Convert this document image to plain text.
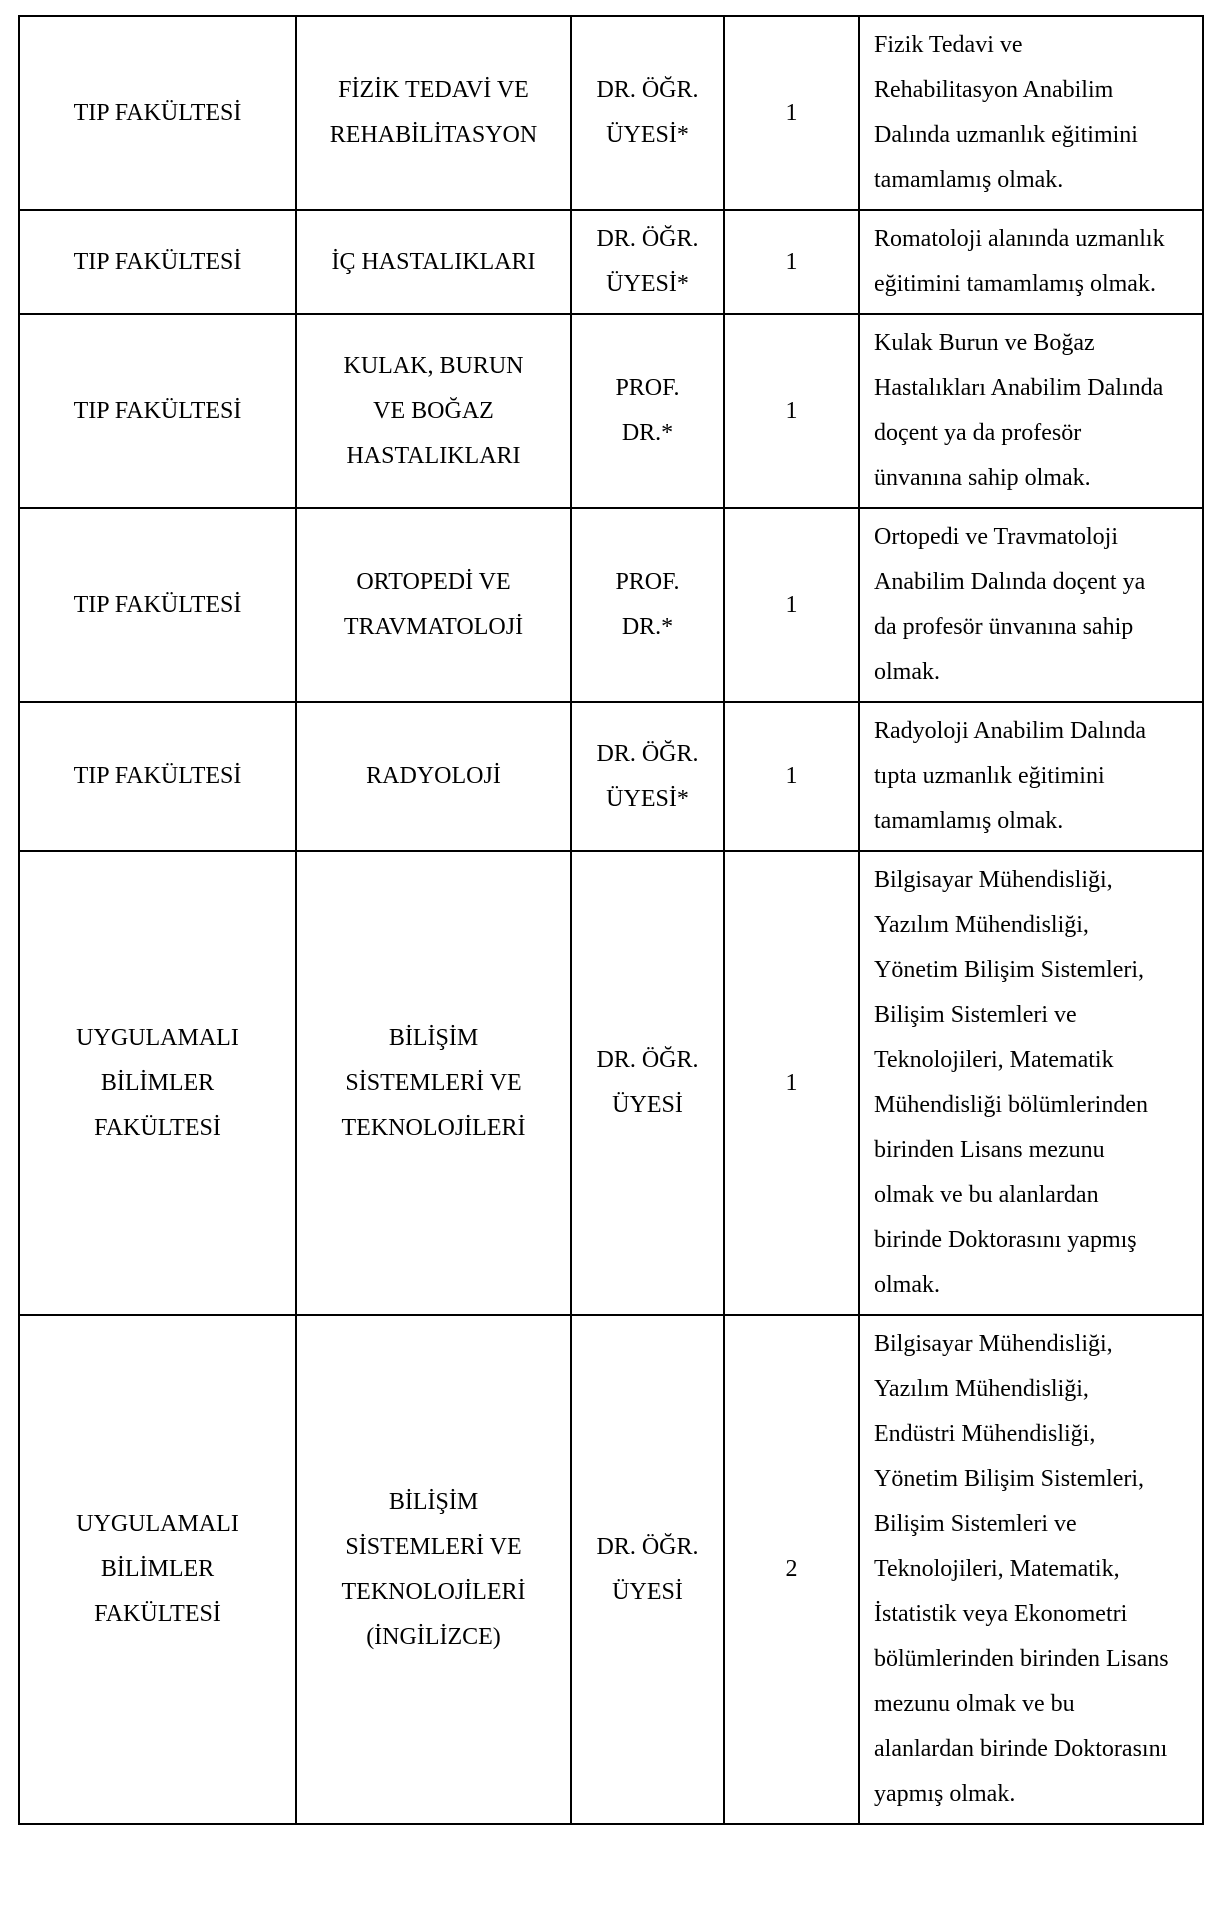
TIP FAKÜLTESİ	FİZİK TEDAVİ VE REHABİLİTASYON	DR. ÖĞR. ÜYESİ*	1	Fizik Tedavi ve Rehabilitasyon Anabilim Dalında uzmanlık eğitimini tamamlamış olmak.
TIP FAKÜLTESİ	İÇ HASTALIKLARI	DR. ÖĞR. ÜYESİ*	1	Romatoloji alanında uzmanlık eğitimini tamamlamış olmak.
TIP FAKÜLTESİ	KULAK, BURUN VE BOĞAZ HASTALIKLARI	PROF. DR.*	1	Kulak Burun ve Boğaz Hastalıkları Anabilim Dalında doçent ya da profesör ünvanına sahip olmak.
TIP FAKÜLTESİ	ORTOPEDİ VE TRAVMATOLOJİ	PROF. DR.*	1	Ortopedi ve Travmatoloji Anabilim Dalında doçent ya da profesör ünvanına sahip olmak.
TIP FAKÜLTESİ	RADYOLOJİ	DR. ÖĞR. ÜYESİ*	1	Radyoloji Anabilim Dalında tıpta uzmanlık eğitimini tamamlamış olmak.
UYGULAMALI BİLİMLER FAKÜLTESİ	BİLİŞİM SİSTEMLERİ VE TEKNOLOJİLERİ	DR. ÖĞR. ÜYESİ	1	Bilgisayar Mühendisliği, Yazılım Mühendisliği, Yönetim Bilişim Sistemleri, Bilişim Sistemleri ve Teknolojileri, Matematik Mühendisliği bölümlerinden birinden Lisans mezunu olmak ve bu alanlardan birinde Doktorasını yapmış olmak.
UYGULAMALI BİLİMLER FAKÜLTESİ	BİLİŞİM SİSTEMLERİ VE TEKNOLOJİLERİ (İNGİLİZCE)	DR. ÖĞR. ÜYESİ	2	Bilgisayar Mühendisliği, Yazılım Mühendisliği, Endüstri Mühendisliği, Yönetim Bilişim Sistemleri, Bilişim Sistemleri ve Teknolojileri, Matematik, İstatistik veya Ekonometri bölümlerinden birinden Lisans mezunu olmak ve bu alanlardan birinde Doktorasını yapmış olmak.
